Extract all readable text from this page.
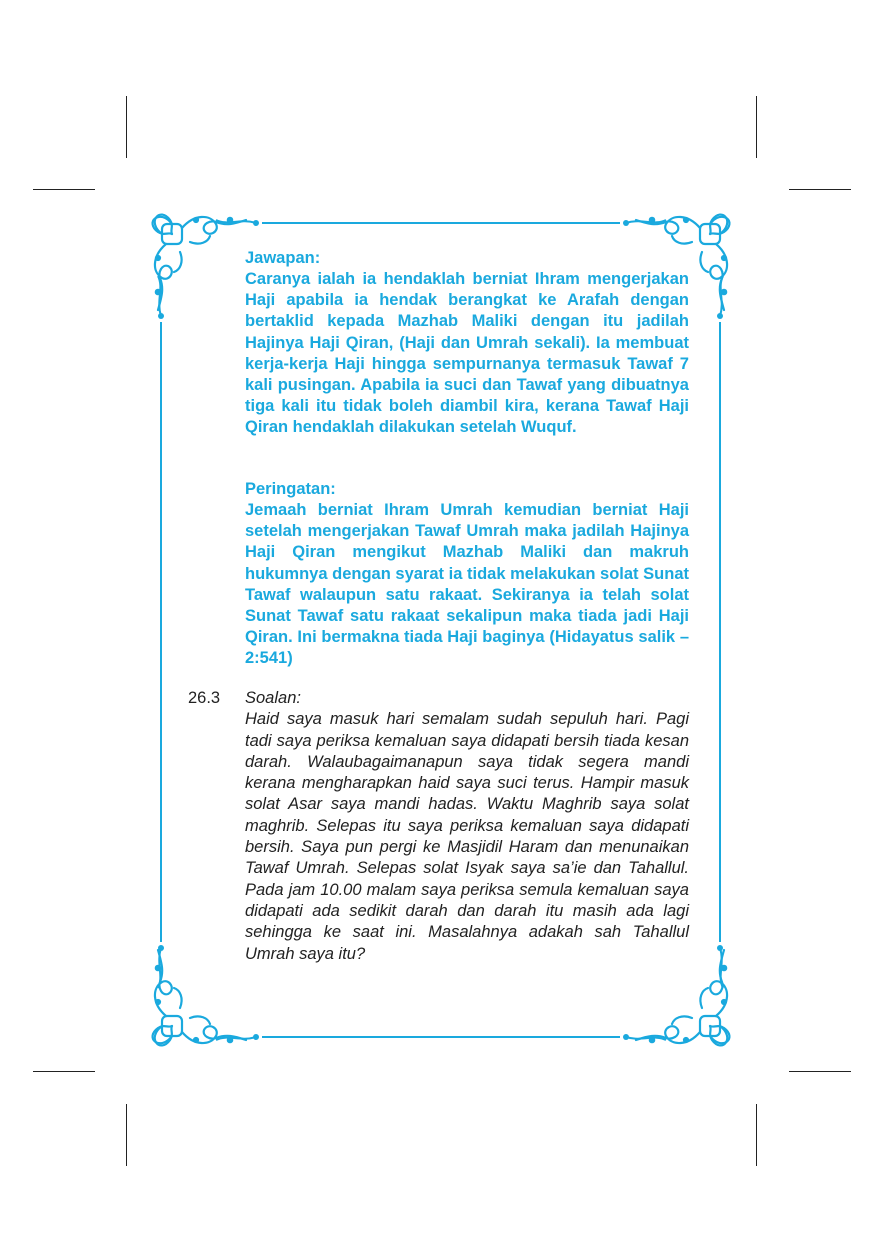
Jawapan:

Caranya ialah ia hendaklah berniat Ihram mengerjakan Haji apabila ia hendak berangkat ke Arafah dengan bertaklid kepada Mazhab Maliki dengan itu jadilah Hajinya Haji Qiran, (Haji dan Umrah sekali). Ia membuat kerja-kerja Haji hingga sempurnanya termasuk Tawaf 7 kali pusingan. Apabila ia suci dan Tawaf yang dibuatnya tiga kali itu tidak boleh diambil kira, kerana Tawaf Haji Qiran hendaklah dilakukan setelah Wuquf.

Peringatan:

Jemaah berniat Ihram Umrah kemudian berniat Haji setelah mengerjakan Tawaf Umrah maka jadilah Hajinya Haji Qiran mengikut Mazhab Maliki dan makruh hukumnya dengan syarat ia tidak melakukan solat Sunat Tawaf walaupun satu rakaat. Sekiranya ia telah solat Sunat Tawaf satu rakaat sekalipun maka tiada jadi Haji Qiran. Ini bermakna tiada Haji baginya (Hidayatus salik – 2:541)

26.3 Soalan:

Haid saya masuk hari semalam sudah sepuluh hari. Pagi tadi saya periksa kemaluan saya didapati bersih tiada kesan darah. Walaubagaimanapun saya tidak segera mandi kerana mengharapkan haid saya suci terus. Hampir masuk solat Asar saya mandi hadas. Waktu Maghrib saya solat maghrib. Selepas itu saya periksa kemaluan saya didapati bersih. Saya pun pergi ke Masjidil Haram dan menunaikan Tawaf Umrah. Selepas solat Isyak saya sa’ie dan Tahallul. Pada jam 10.00 malam saya periksa semula kemaluan saya didapati ada sedikit darah dan darah itu masih ada lagi sehingga ke saat ini. Masalahnya adakah sah Tahallul Umrah saya itu?
